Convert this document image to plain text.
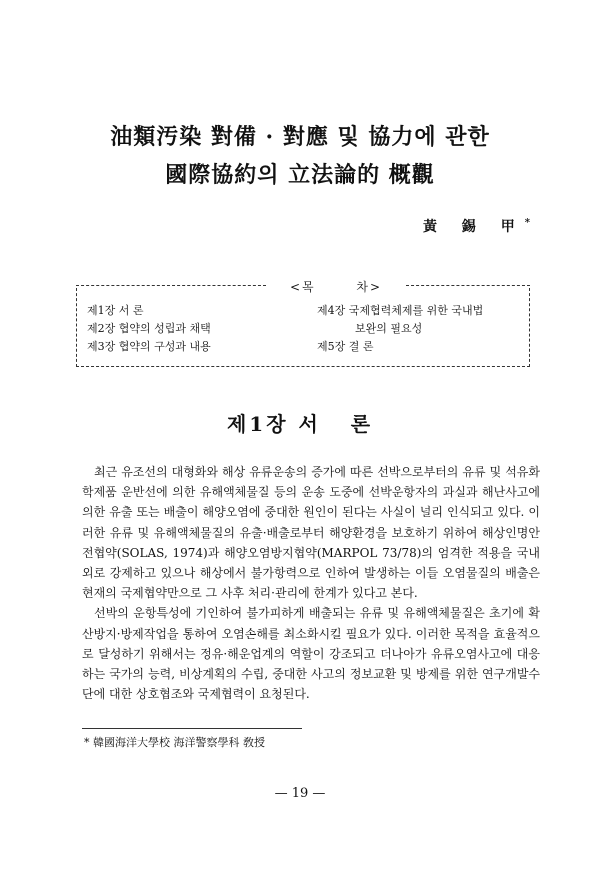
油類汚染 對備 · 對應 및 協力에 관한
國際協約의 立法論的 概觀
黃 錫 甲*
<목       차>
제1장 서 론
제2장 협약의 성립과 채택
제3장 협약의 구성과 내용
제4장 국제협력체제를 위한 국내법
보완의 필요성
제5장 결 론
제1장 서   론

최근 유조선의 대형화와 해상 유류운송의 증가에 따른 선박으로부터의 유류 및 석유화학제품 운반선에 의한 유해액체물질 등의 운송 도중에 선박운항자의 과실과 해난사고에 의한 유출 또는 배출이 해양오염에 중대한 원인이 된다는 사실이 널리 인식되고 있다. 이러한 유류 및 유해액체물질의 유출·배출로부터 해양환경을 보호하기 위하여 해상인명안전협약(SOLAS, 1974)과 해양오염방지협약(MARPOL 73/78)의 엄격한 적용을 국내외로 강제하고 있으나 해상에서 불가항력으로 인하여 발생하는 이들 오염물질의 배출은 현재의 국제협약만으로 그 사후 처리·관리에 한계가 있다고 본다.

선박의 운항특성에 기인하여 불가피하게 배출되는 유류 및 유해액체물질은 초기에 확산방지·방제작업을 통하여 오염손해를 최소화시킬 필요가 있다. 이러한 목적을 효율적으로 달성하기 위해서는 정유·해운업계의 역할이 강조되고 더나아가 유류오염사고에 대응하는 국가의 능력, 비상계획의 수립, 중대한 사고의 정보교환 및 방제를 위한 연구개발수단에 대한 상호협조와 국제협력이 요청된다.

* 韓國海洋大學校 海洋警察學科 敎授
— 19 —
